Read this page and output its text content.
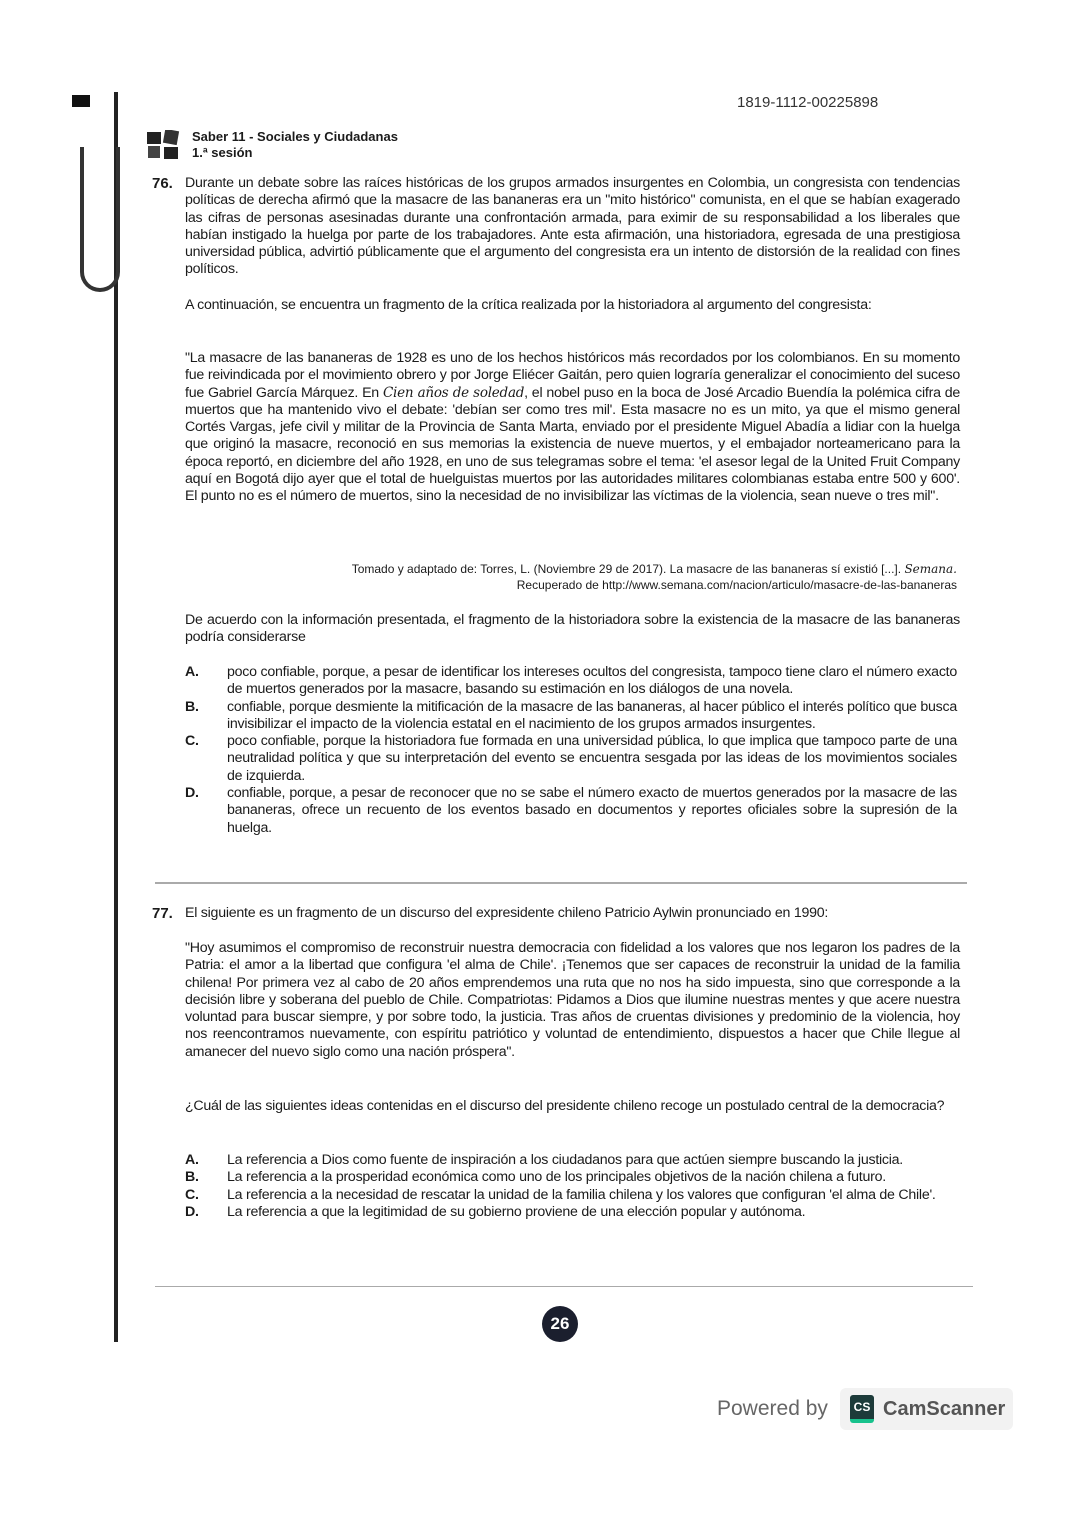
1819-1112-00225898
Saber 11 - Sociales y Ciudadanas
1.ª sesión
76. Durante un debate sobre las raíces históricas de los grupos armados insurgentes en Colombia, un congresista con tendencias políticas de derecha afirmó que la masacre de las bananeras era un "mito histórico" comunista, en el que se habían exagerado las cifras de personas asesinadas durante una confrontación armada, para eximir de su responsabilidad a los liberales que habían instigado la huelga por parte de los trabajadores. Ante esta afirmación, una historiadora, egresada de una prestigiosa universidad pública, advirtió públicamente que el argumento del congresista era un intento de distorsión de la realidad con fines políticos.
A continuación, se encuentra un fragmento de la crítica realizada por la historiadora al argumento del congresista:
"La masacre de las bananeras de 1928 es uno de los hechos históricos más recordados por los colombianos. En su momento fue reivindicada por el movimiento obrero y por Jorge Eliécer Gaitán, pero quien lograría generalizar el conocimiento del suceso fue Gabriel García Márquez. En Cien años de soledad, el nobel puso en la boca de José Arcadio Buendía la polémica cifra de muertos que ha mantenido vivo el debate: 'debían ser como tres mil'. Esta masacre no es un mito, ya que el mismo general Cortés Vargas, jefe civil y militar de la Provincia de Santa Marta, enviado por el presidente Miguel Abadía a lidiar con la huelga que originó la masacre, reconoció en sus memorias la existencia de nueve muertos, y el embajador norteamericano para la época reportó, en diciembre del año 1928, en uno de sus telegramas sobre el tema: 'el asesor legal de la United Fruit Company aquí en Bogotá dijo ayer que el total de huelguistas muertos por las autoridades militares colombianas estaba entre 500 y 600'. El punto no es el número de muertos, sino la necesidad de no invisibilizar las víctimas de la violencia, sean nueve o tres mil".
Tomado y adaptado de: Torres, L. (Noviembre 29 de 2017). La masacre de las bananeras sí existió [...]. Semana.
Recuperado de http://www.semana.com/nacion/articulo/masacre-de-las-bananeras
De acuerdo con la información presentada, el fragmento de la historiadora sobre la existencia de la masacre de las bananeras podría considerarse
A.	poco confiable, porque, a pesar de identificar los intereses ocultos del congresista, tampoco tiene claro el número exacto de muertos generados por la masacre, basando su estimación en los diálogos de una novela.
B.	confiable, porque desmiente la mitificación de la masacre de las bananeras, al hacer público el interés político que busca invisibilizar el impacto de la violencia estatal en el nacimiento de los grupos armados insurgentes.
C.	poco confiable, porque la historiadora fue formada en una universidad pública, lo que implica que tampoco parte de una neutralidad política y que su interpretación del evento se encuentra sesgada por las ideas de los movimientos sociales de izquierda.
D.	confiable, porque, a pesar de reconocer que no se sabe el número exacto de muertos generados por la masacre de las bananeras, ofrece un recuento de los eventos basado en documentos y reportes oficiales sobre la supresión de la huelga.
77. El siguiente es un fragmento de un discurso del expresidente chileno Patricio Aylwin pronunciado en 1990:
"Hoy asumimos el compromiso de reconstruir nuestra democracia con fidelidad a los valores que nos legaron los padres de la Patria: el amor a la libertad que configura 'el alma de Chile'. ¡Tenemos que ser capaces de reconstruir la unidad de la familia chilena! Por primera vez al cabo de 20 años emprendemos una ruta que no nos ha sido impuesta, sino que corresponde a la decisión libre y soberana del pueblo de Chile. Compatriotas: Pidamos a Dios que ilumine nuestras mentes y que acere nuestra voluntad para buscar siempre, y por sobre todo, la justicia. Tras años de cruentas divisiones y predominio de la violencia, hoy nos reencontramos nuevamente, con espíritu patriótico y voluntad de entendimiento, dispuestos a hacer que Chile llegue al amanecer del nuevo siglo como una nación próspera".
¿Cuál de las siguientes ideas contenidas en el discurso del presidente chileno recoge un postulado central de la democracia?
A.	La referencia a Dios como fuente de inspiración a los ciudadanos para que actúen siempre buscando la justicia.
B.	La referencia a la prosperidad económica como uno de los principales objetivos de la nación chilena a futuro.
C.	La referencia a la necesidad de rescatar la unidad de la familia chilena y los valores que configuran 'el alma de Chile'.
D.	La referencia a que la legitimidad de su gobierno proviene de una elección popular y autónoma.
26
Powered by	CS CamScanner
